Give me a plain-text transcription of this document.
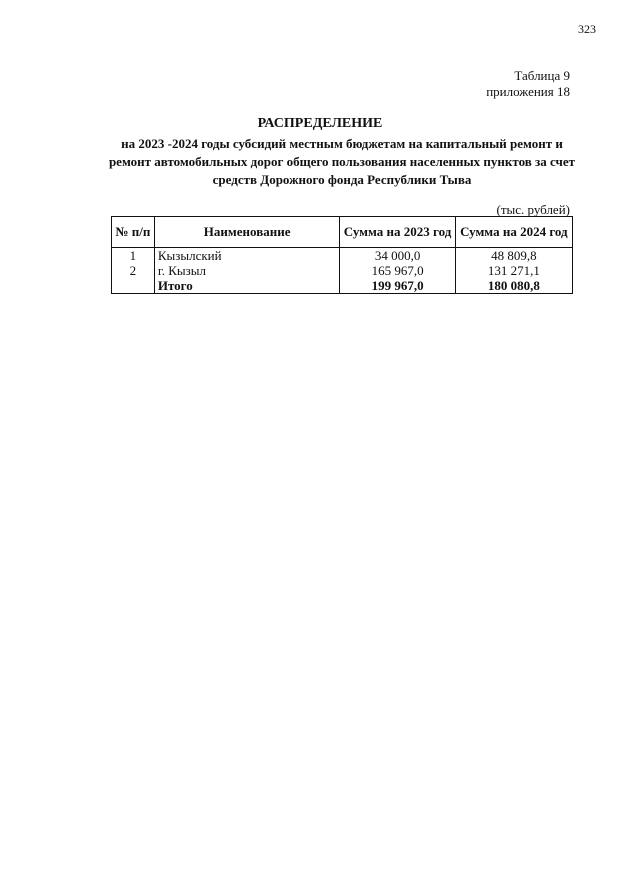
323
Таблица 9
приложения 18
РАСПРЕДЕЛЕНИЕ
на 2023 -2024 годы субсидий местным бюджетам на капитальный ремонт и
ремонт автомобильных дорог общего пользования населенных пунктов за счет
средств Дорожного фонда Республики Тыва
(тыс. рублей)
№ п/п	Наименование	Сумма на 2023 год	Сумма на 2024 год
1	Кызылский	34 000,0	48 809,8
2	г. Кызыл	165 967,0	131 271,1
	Итого	199 967,0	180 080,8
